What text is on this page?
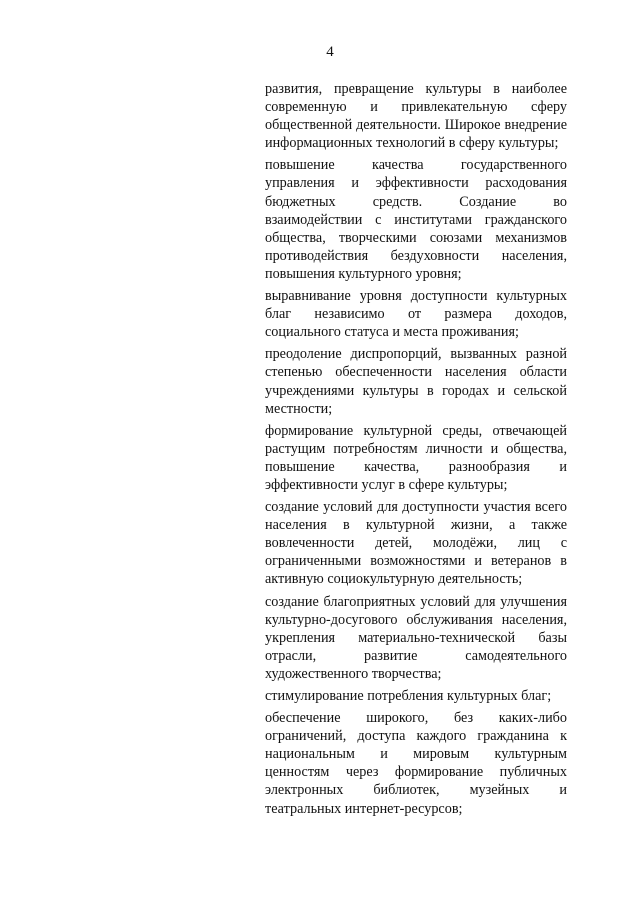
4

развития, превращение культуры в наиболее современную и привлекательную сферу общественной деятельности. Широкое внедрение информационных технологий в сферу культуры;

повышение качества государственного управления и эффективности расходования бюджетных средств. Создание во взаимодействии с институтами гражданского общества, творческими союзами механизмов противодействия бездуховности населения, повышения культурного уровня;

выравнивание уровня доступности культурных благ независимо от размера доходов, социального статуса и места проживания;

преодоление диспропорций, вызванных разной степенью обеспеченности населения области учреждениями культуры в городах и сельской местности;

формирование культурной среды, отвечающей растущим потребностям личности и общества, повышение качества, разнообразия и эффективности услуг в сфере культуры;

создание условий для доступности участия всего населения в культурной жизни, а также вовлеченности детей, молодёжи, лиц с ограниченными возможностями и ветеранов в активную социокультурную деятельность;

создание благоприятных условий для улучшения культурно-досугового обслуживания населения, укрепления материально-технической базы отрасли, развитие самодеятельного художественного творчества;

стимулирование потребления культурных благ;

обеспечение широкого, без каких-либо ограничений, доступа каждого гражданина к национальным и мировым культурным ценностям через формирование публичных электронных библиотек, музейных и театральных интернет-ресурсов;
